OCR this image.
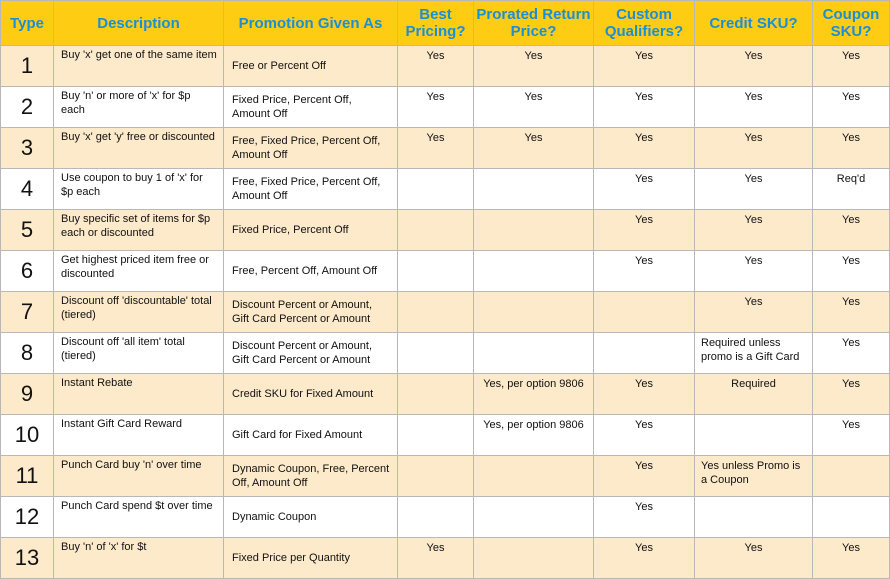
Type	Description	Promotion Given As	Best Pricing?	Prorated Return Price?	Custom Qualifiers?	Credit SKU?	Coupon SKU?
1	Buy 'x' get one of the same item	Free or Percent Off	Yes	Yes	Yes	Yes	Yes
2	Buy 'n' or more of 'x' for $p each	Fixed Price, Percent Off, Amount Off	Yes	Yes	Yes	Yes	Yes
3	Buy 'x' get 'y' free or discounted	Free, Fixed Price, Percent Off, Amount Off	Yes	Yes	Yes	Yes	Yes
4	Use coupon to buy 1 of 'x' for $p each	Free, Fixed Price, Percent Off, Amount Off			Yes	Yes	Req'd
5	Buy specific set of items for $p each or discounted	Fixed Price, Percent Off			Yes	Yes	Yes
6	Get highest priced item free or discounted	Free, Percent Off, Amount Off			Yes	Yes	Yes
7	Discount off 'discountable' total (tiered)	Discount Percent or Amount, Gift Card Percent or Amount				Yes	Yes
8	Discount off 'all item' total (tiered)	Discount Percent or Amount, Gift Card Percent or Amount				Required unless promo is a Gift Card	Yes
9	Instant Rebate	Credit SKU for Fixed Amount		Yes, per option 9806	Yes	Required	Yes
10	Instant Gift Card Reward	Gift Card for Fixed Amount		Yes, per option 9806	Yes		Yes
11	Punch Card buy 'n' over time	Dynamic Coupon, Free, Percent Off, Amount Off			Yes	Yes unless Promo is a Coupon	
12	Punch Card spend $t over time	Dynamic Coupon			Yes		
13	Buy 'n' of 'x' for $t	Fixed Price per Quantity	Yes		Yes	Yes	Yes
